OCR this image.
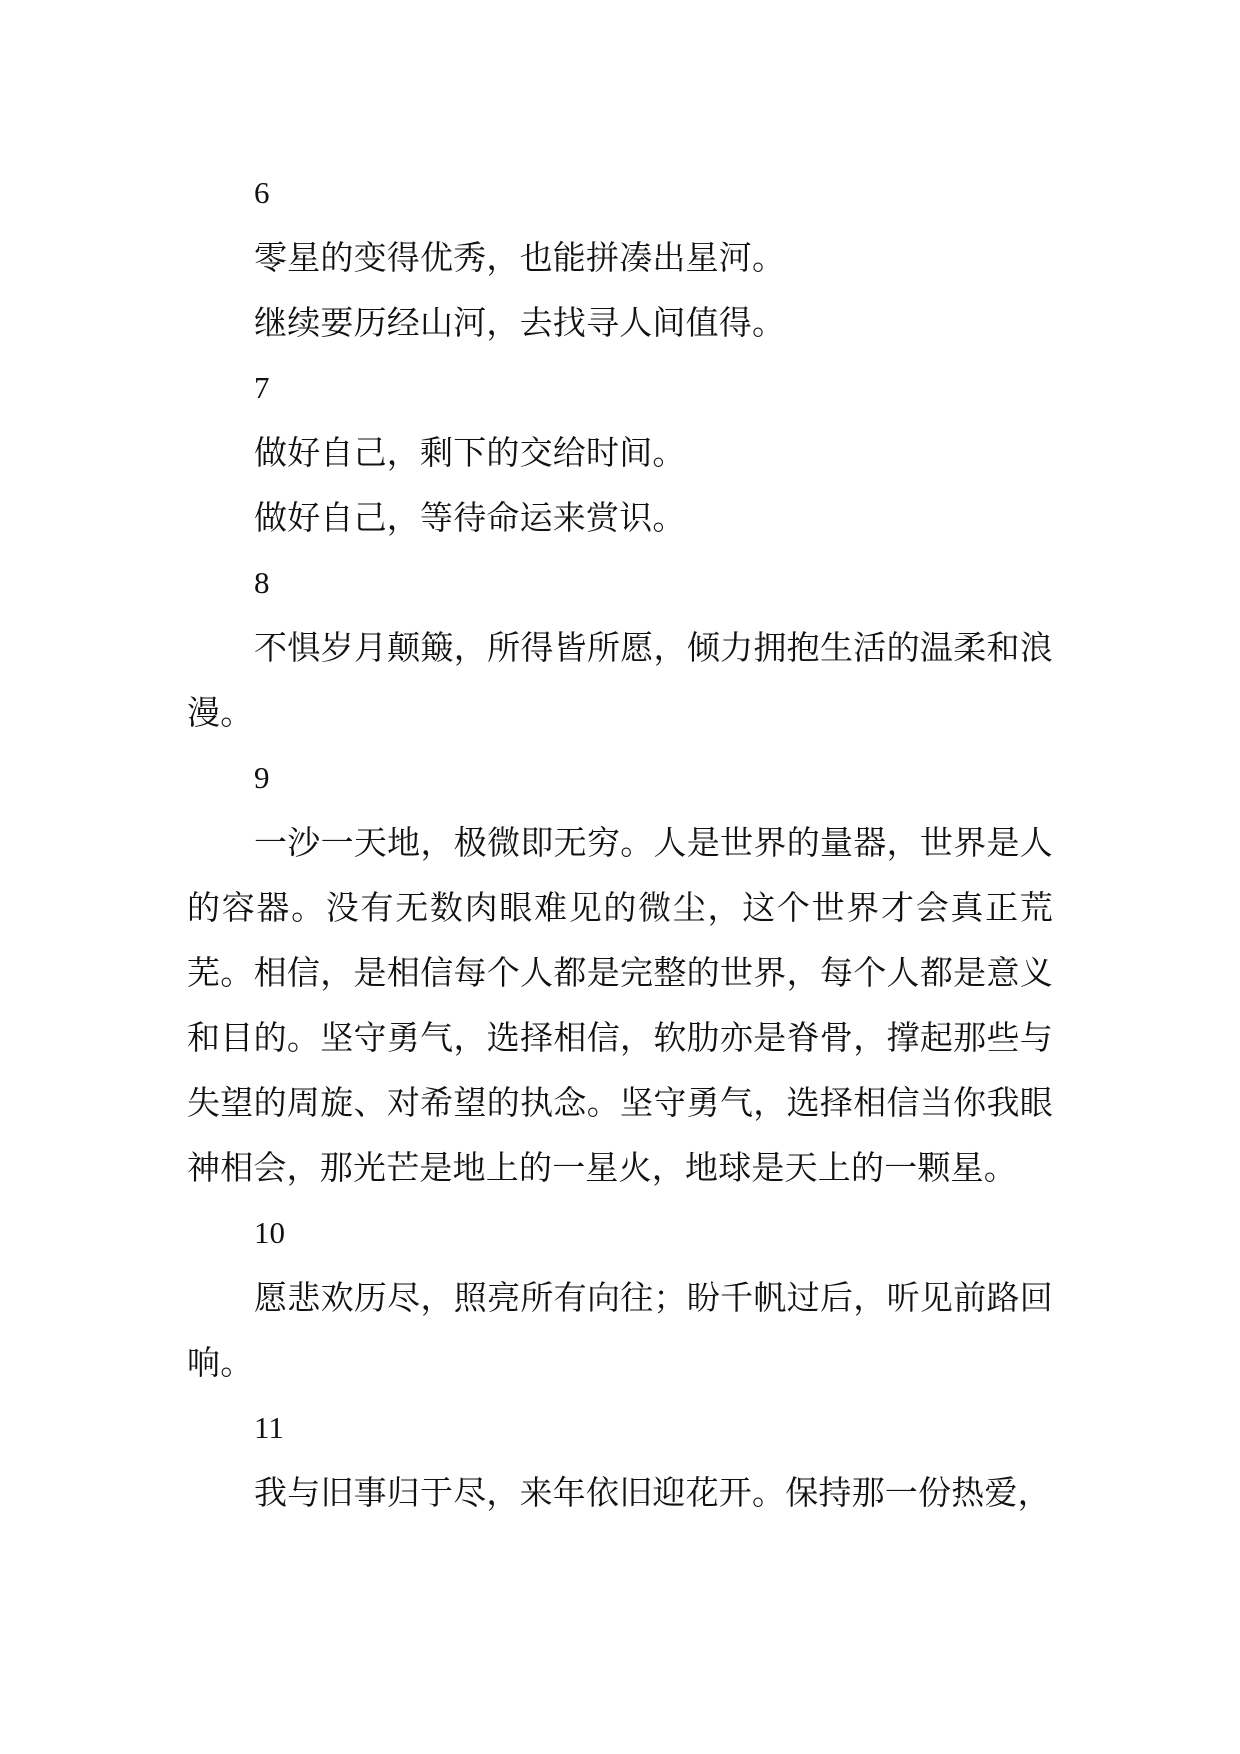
6

零星的变得优秀，也能拼凑出星河。

继续要历经山河，去找寻人间值得。

7

做好自己，剩下的交给时间。

做好自己，等待命运来赏识。

8

不惧岁月颠簸，所得皆所愿，倾力拥抱生活的温柔和浪漫。

9

一沙一天地，极微即无穷。人是世界的量器，世界是人的容器。没有无数肉眼难见的微尘，这个世界才会真正荒芜。相信，是相信每个人都是完整的世界，每个人都是意义和目的。坚守勇气，选择相信，软肋亦是脊骨，撑起那些与失望的周旋、对希望的执念。坚守勇气，选择相信当你我眼神相会，那光芒是地上的一星火，地球是天上的一颗星。

10

愿悲欢历尽，照亮所有向往；盼千帆过后，听见前路回响。

11

我与旧事归于尽，来年依旧迎花开。保持那一份热爱，
